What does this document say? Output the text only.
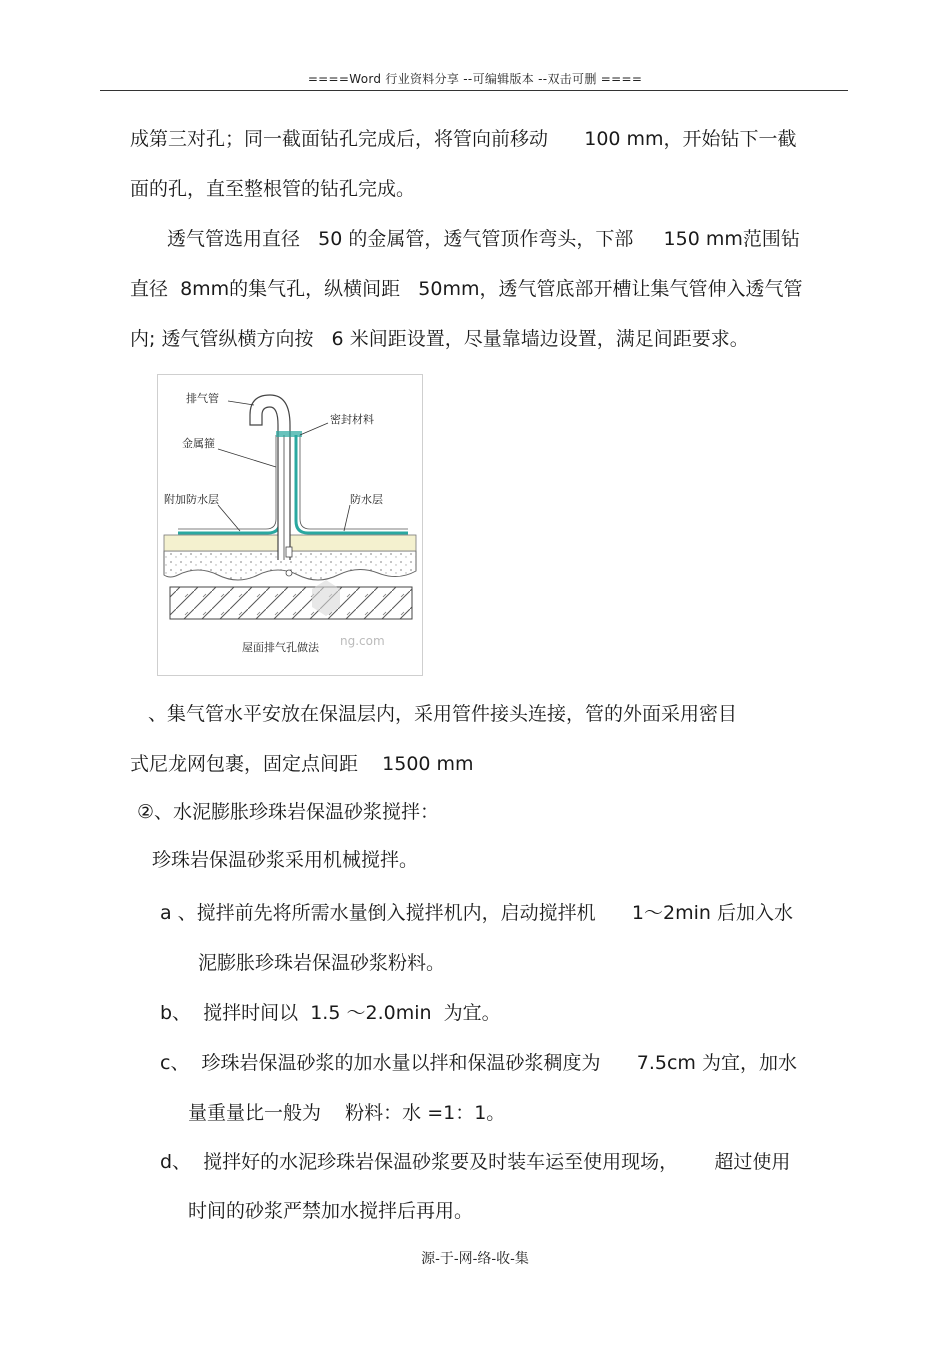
====Word 行业资料分享 --可编辑版本 --双击可删 ====
成第三对孔；同一截面钻孔完成后，将管向前移动      100 mm，开始钻下一截
面的孔，直至整根管的钻孔完成。
透气管选用直径   50 的金属管，透气管顶作弯头，下部     150 mm范围钻
直径  8mm的集气孔，纵横间距   50mm，透气管底部开槽让集气管伸入透气管
内; 透气管纵横方向按   6 米间距设置，尽量靠墙边设置，满足间距要求。
排气管
密封材料
金属箍
附加防水层	防水层
屋面排气孔做法 ng.com
、集气管水平安放在保温层内，采用管件接头连接，管的外面采用密目
式尼龙网包裹，固定点间距    1500 mm
②、水泥膨胀珍珠岩保温砂浆搅拌：
珍珠岩保温砂浆采用机械搅拌。
a 、搅拌前先将所需水量倒入搅拌机内，启动搅拌机      1～2min 后加入水
泥膨胀珍珠岩保温砂浆粉料。
b、  搅拌时间以  1.5 ～2.0min  为宜。
c、  珍珠岩保温砂浆的加水量以拌和保温砂浆稠度为      7.5cm 为宜，加水
量重量比一般为    粉料：水 =1：1。
d、  搅拌好的水泥珍珠岩保温砂浆要及时装车运至使用现场，      超过使用
时间的砂浆严禁加水搅拌后再用。
源-于-网-络-收-集
